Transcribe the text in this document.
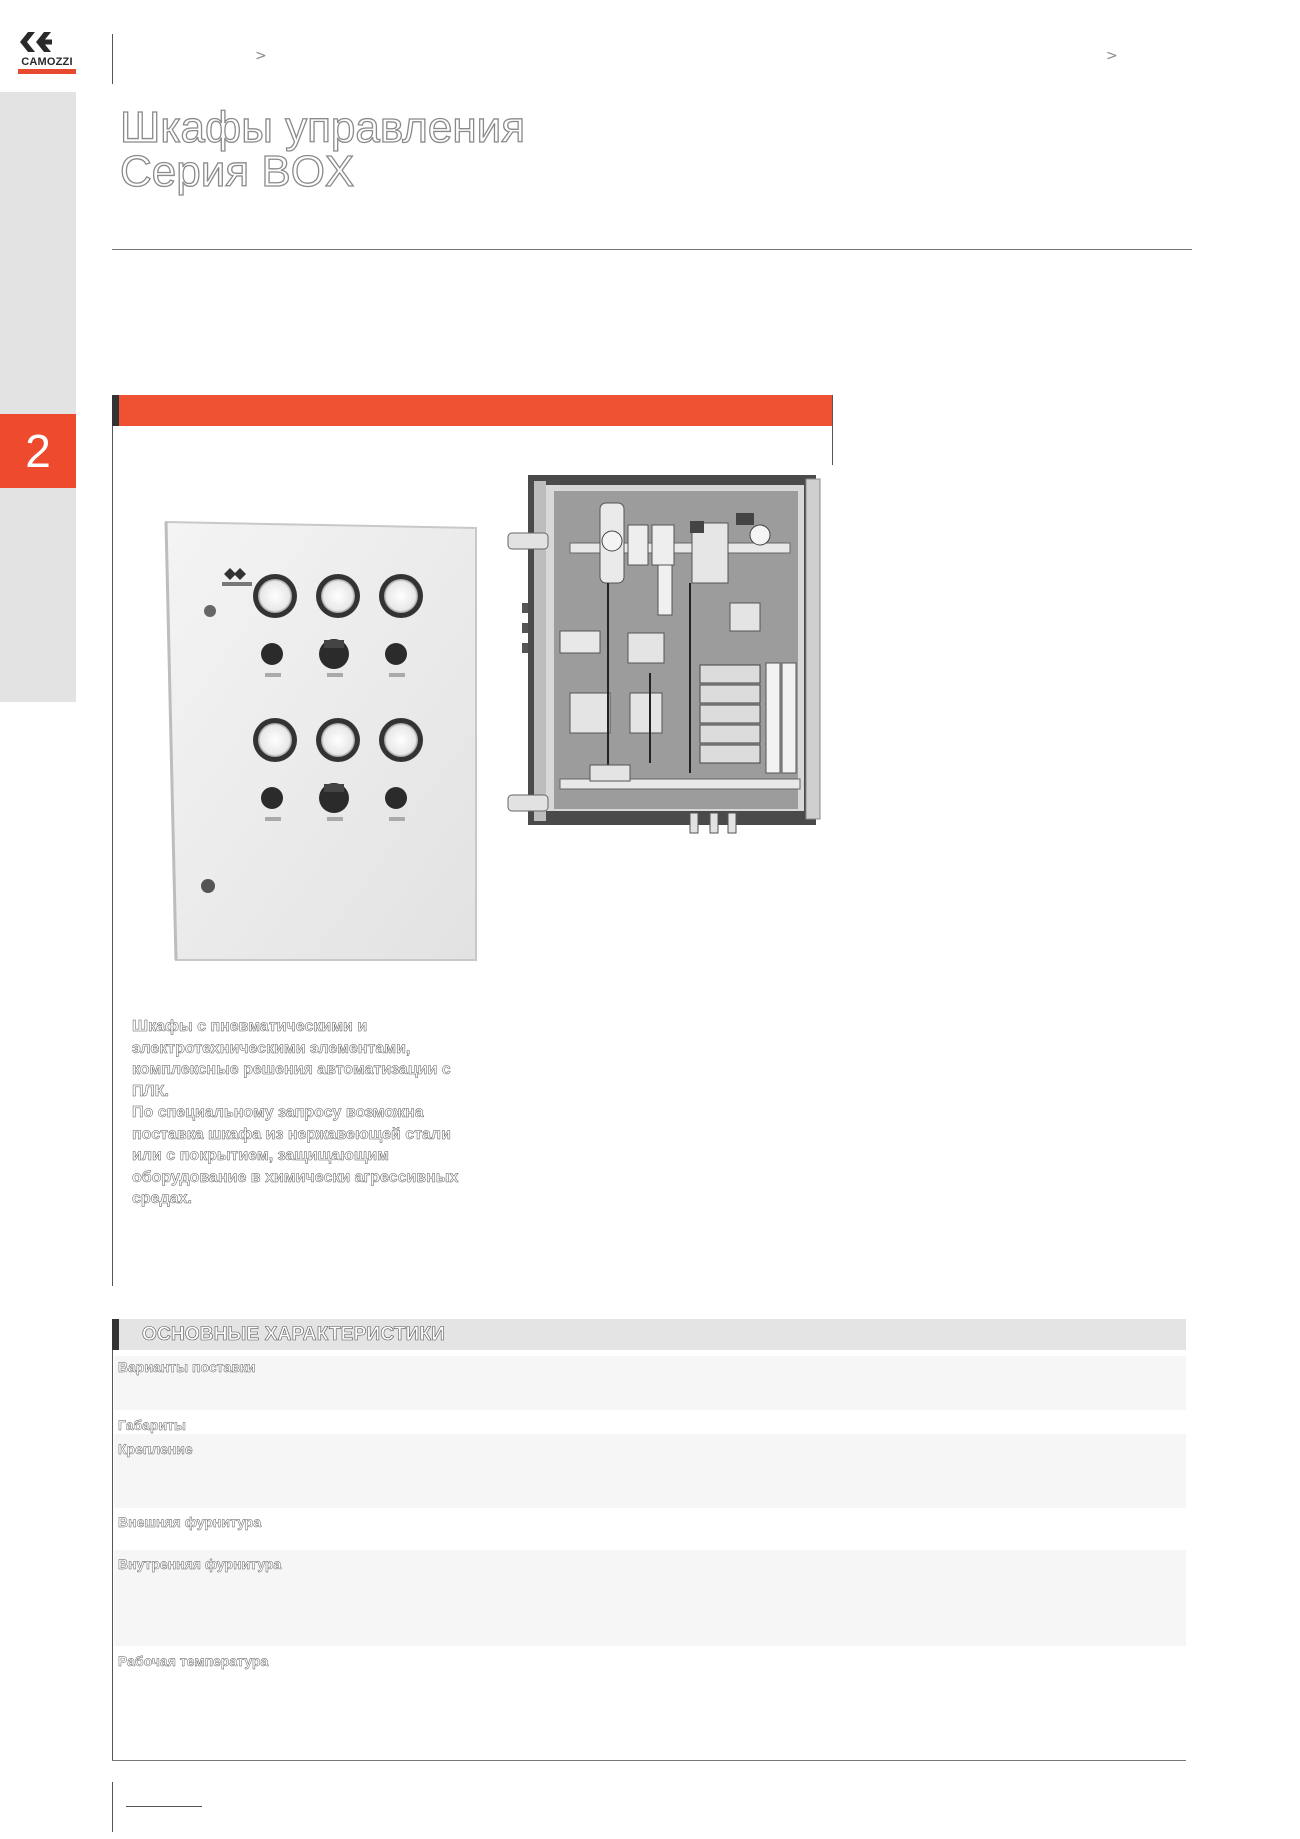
CAMOZZI
2
>	>
Шкафы управления
Серия BOX
Шкафы с пневматическими и электротехническими элементами, комплексные решения автоматизации с ПЛК.
По специальному запросу возможна поставка шкафа из нержавеющей стали или с покрытием, защищающим оборудование в химически агрессивных средах.
ОСНОВНЫЕ ХАРАКТЕРИСТИКИ
Варианты поставки
Габариты
Крепление
Внешняя фурнитура
Внутренняя фурнитура
Рабочая температура
